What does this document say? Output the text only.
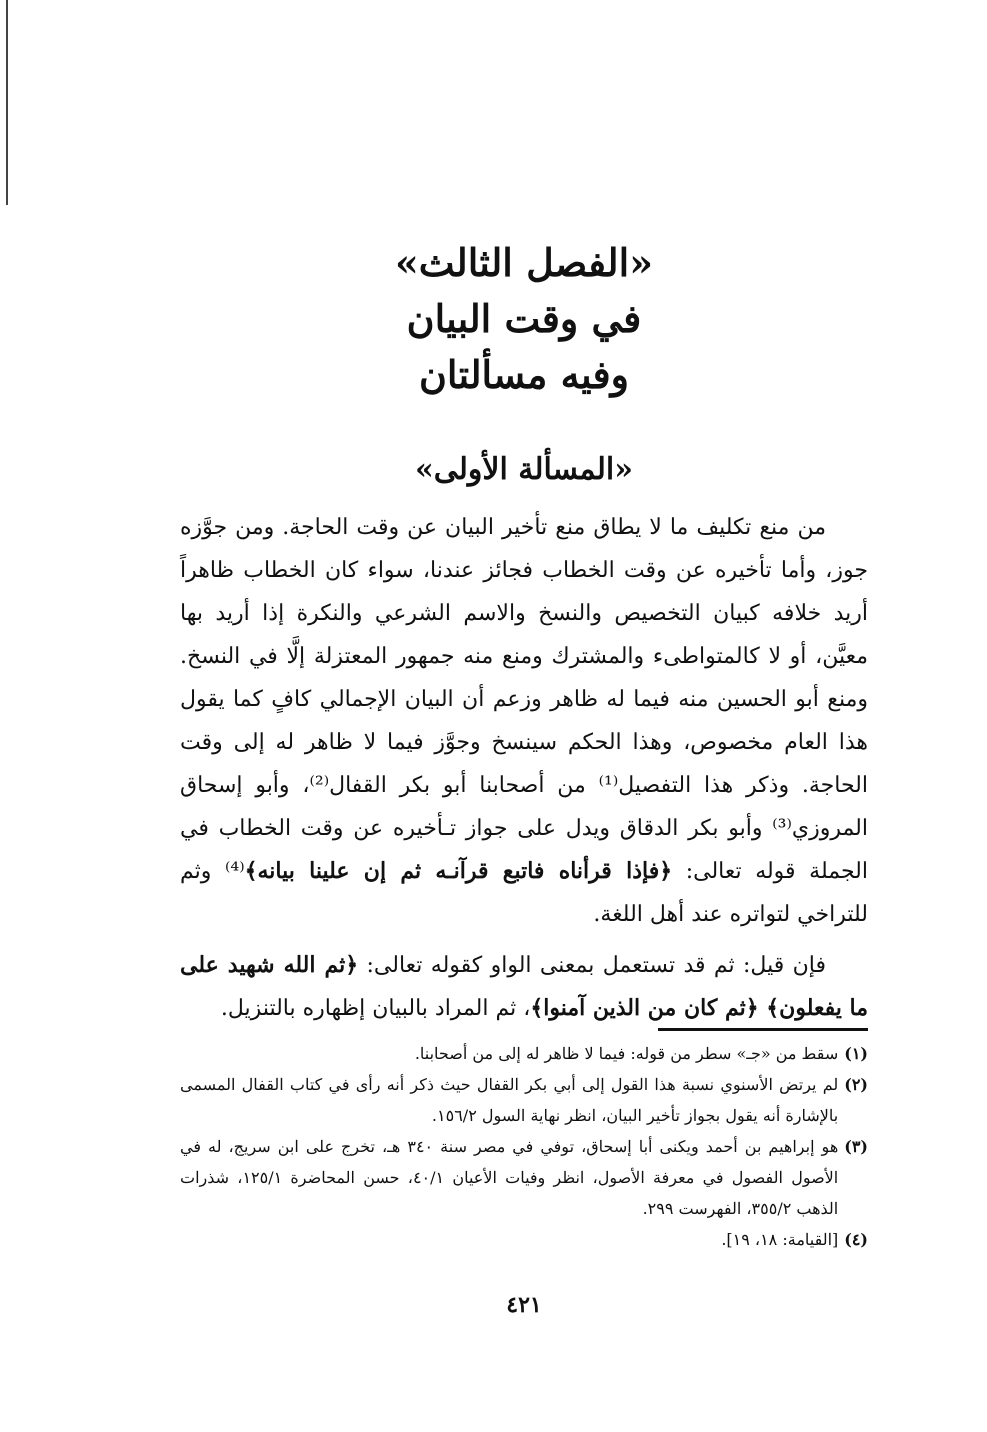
«الفصل الثالث»
في وقت البيان
وفيه مسألتان
«المسألة الأولى»

من منع تكليف ما لا يطاق منع تأخير البيان عن وقت الحاجة. ومن جوَّزه جوز، وأما تأخيره عن وقت الخطاب فجائز عندنا، سواء كان الخطاب ظاهراً أريد خلافه كبيان التخصيص والنسخ والاسم الشرعي والنكرة إذا أريد بها معيَّن، أو لا كالمتواطىء والمشترك ومنع منه جمهور المعتزلة إلَّا في النسخ. ومنع أبو الحسين منه فيما له ظاهر وزعم أن البيان الإجمالي كافٍ كما يقول هذا العام مخصوص، وهذا الحكم سينسخ وجوَّز فيما لا ظاهر له إلى وقت الحاجة. وذكر هذا التفصيل⁽¹⁾ من أصحابنا أبو بكر القفال⁽²⁾، وأبو إسحاق المروزي⁽³⁾ وأبو بكر الدقاق ويدل على جواز تـأخيره عن وقت الخطاب في الجملة قوله تعالى: ﴿فإذا قرأناه فاتبع قرآنـه ثم إن علينا بيانه﴾⁽⁴⁾ وثم للتراخي لتواتره عند أهل اللغة.

فإن قيل: ثم قد تستعمل بمعنى الواو كقوله تعالى: ﴿ثم الله شهيد على ما يفعلون﴾ ﴿ثم كان من الذين آمنوا﴾، ثم المراد بالبيان إظهاره بالتنزيل.

(١)
سقط من «جـ» سطر من قوله: فيما لا ظاهر له إلى من أصحابنا.
(٢)
لم يرتض الأسنوي نسبة هذا القول إلى أبي بكر القفال حيث ذكر أنه رأى في كتاب القفال المسمى بالإشارة أنه يقول بجواز تأخير البيان، انظر نهاية السول ١٥٦/٢.
(٣)
هو إبراهيم بن أحمد ويكنى أبا إسحاق، توفي في مصر سنة ٣٤٠ هـ، تخرج على ابن سريج، له في الأصول الفصول في معرفة الأصول، انظر وفيات الأعيان ٤٠/١، حسن المحاضرة ١٢٥/١، شذرات الذهب ٣٥٥/٢، الفهرست ٢٩٩.
(٤)
[القيامة: ١٨، ١٩].
٤٢١
